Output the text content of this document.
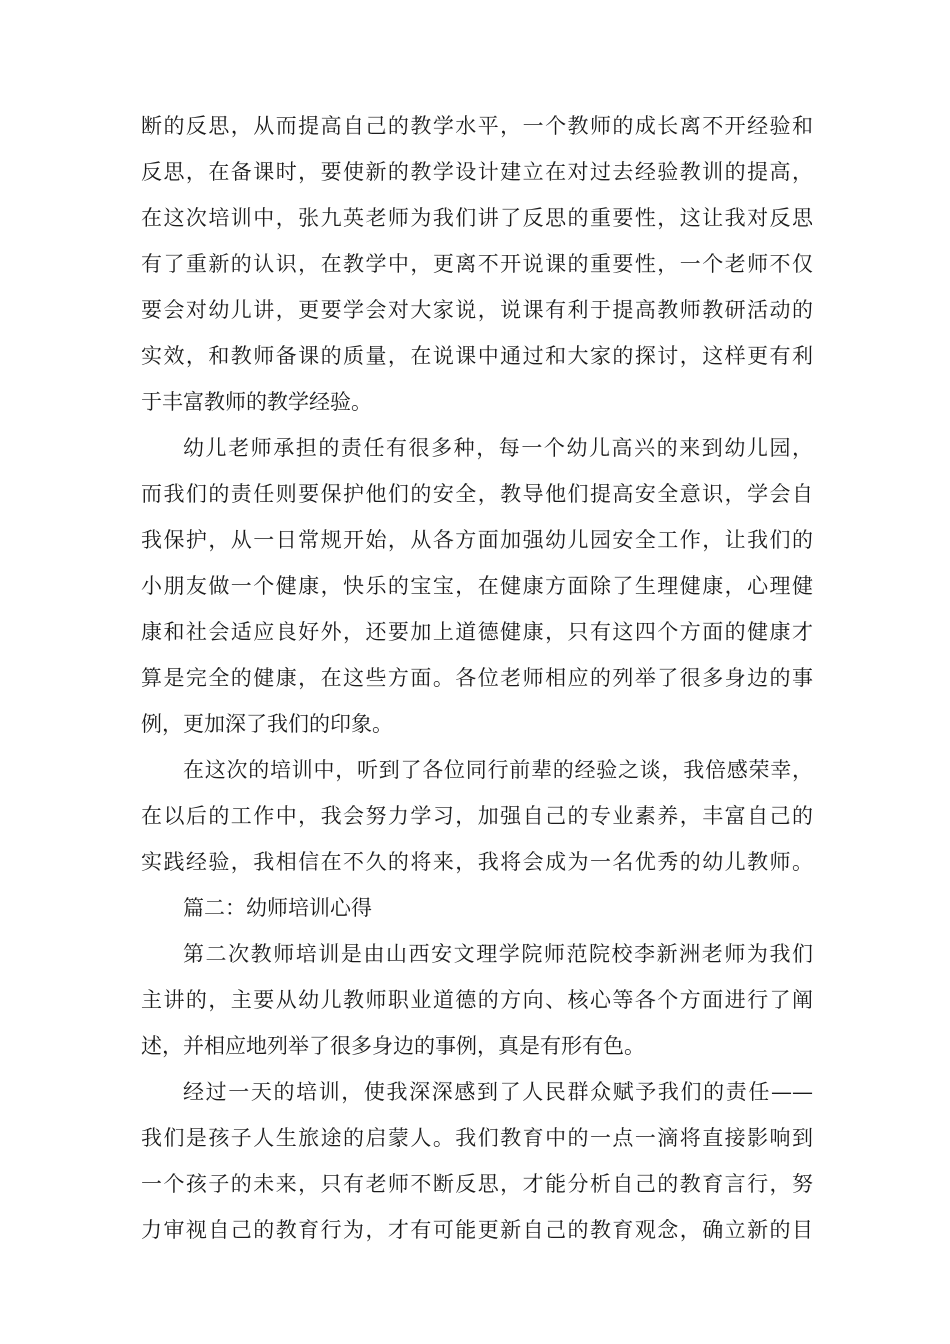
断的反思，从而提高自己的教学水平，一个教师的成长离不开经验和
反思，在备课时，要使新的教学设计建立在对过去经验教训的提高，
在这次培训中，张九英老师为我们讲了反思的重要性，这让我对反思
有了重新的认识，在教学中，更离不开说课的重要性，一个老师不仅
要会对幼儿讲，更要学会对大家说，说课有利于提高教师教研活动的
实效，和教师备课的质量，在说课中通过和大家的探讨，这样更有利
于丰富教师的教学经验。
幼儿老师承担的责任有很多种，每一个幼儿高兴的来到幼儿园，
而我们的责任则要保护他们的安全，教导他们提高安全意识，学会自
我保护，从一日常规开始，从各方面加强幼儿园安全工作，让我们的
小朋友做一个健康，快乐的宝宝，在健康方面除了生理健康，心理健
康和社会适应良好外，还要加上道德健康，只有这四个方面的健康才
算是完全的健康，在这些方面。各位老师相应的列举了很多身边的事
例，更加深了我们的印象。
在这次的培训中，听到了各位同行前辈的经验之谈，我倍感荣幸，
在以后的工作中，我会努力学习，加强自己的专业素养，丰富自己的
实践经验，我相信在不久的将来，我将会成为一名优秀的幼儿教师。
篇二：幼师培训心得
第二次教师培训是由山西安文理学院师范院校李新洲老师为我们
主讲的，主要从幼儿教师职业道德的方向、核心等各个方面进行了阐
述，并相应地列举了很多身边的事例，真是有形有色。
经过一天的培训，使我深深感到了人民群众赋予我们的责任——
我们是孩子人生旅途的启蒙人。我们教育中的一点一滴将直接影响到
一个孩子的未来，只有老师不断反思，才能分析自己的教育言行，努
力审视自己的教育行为，才有可能更新自己的教育观念，确立新的目
